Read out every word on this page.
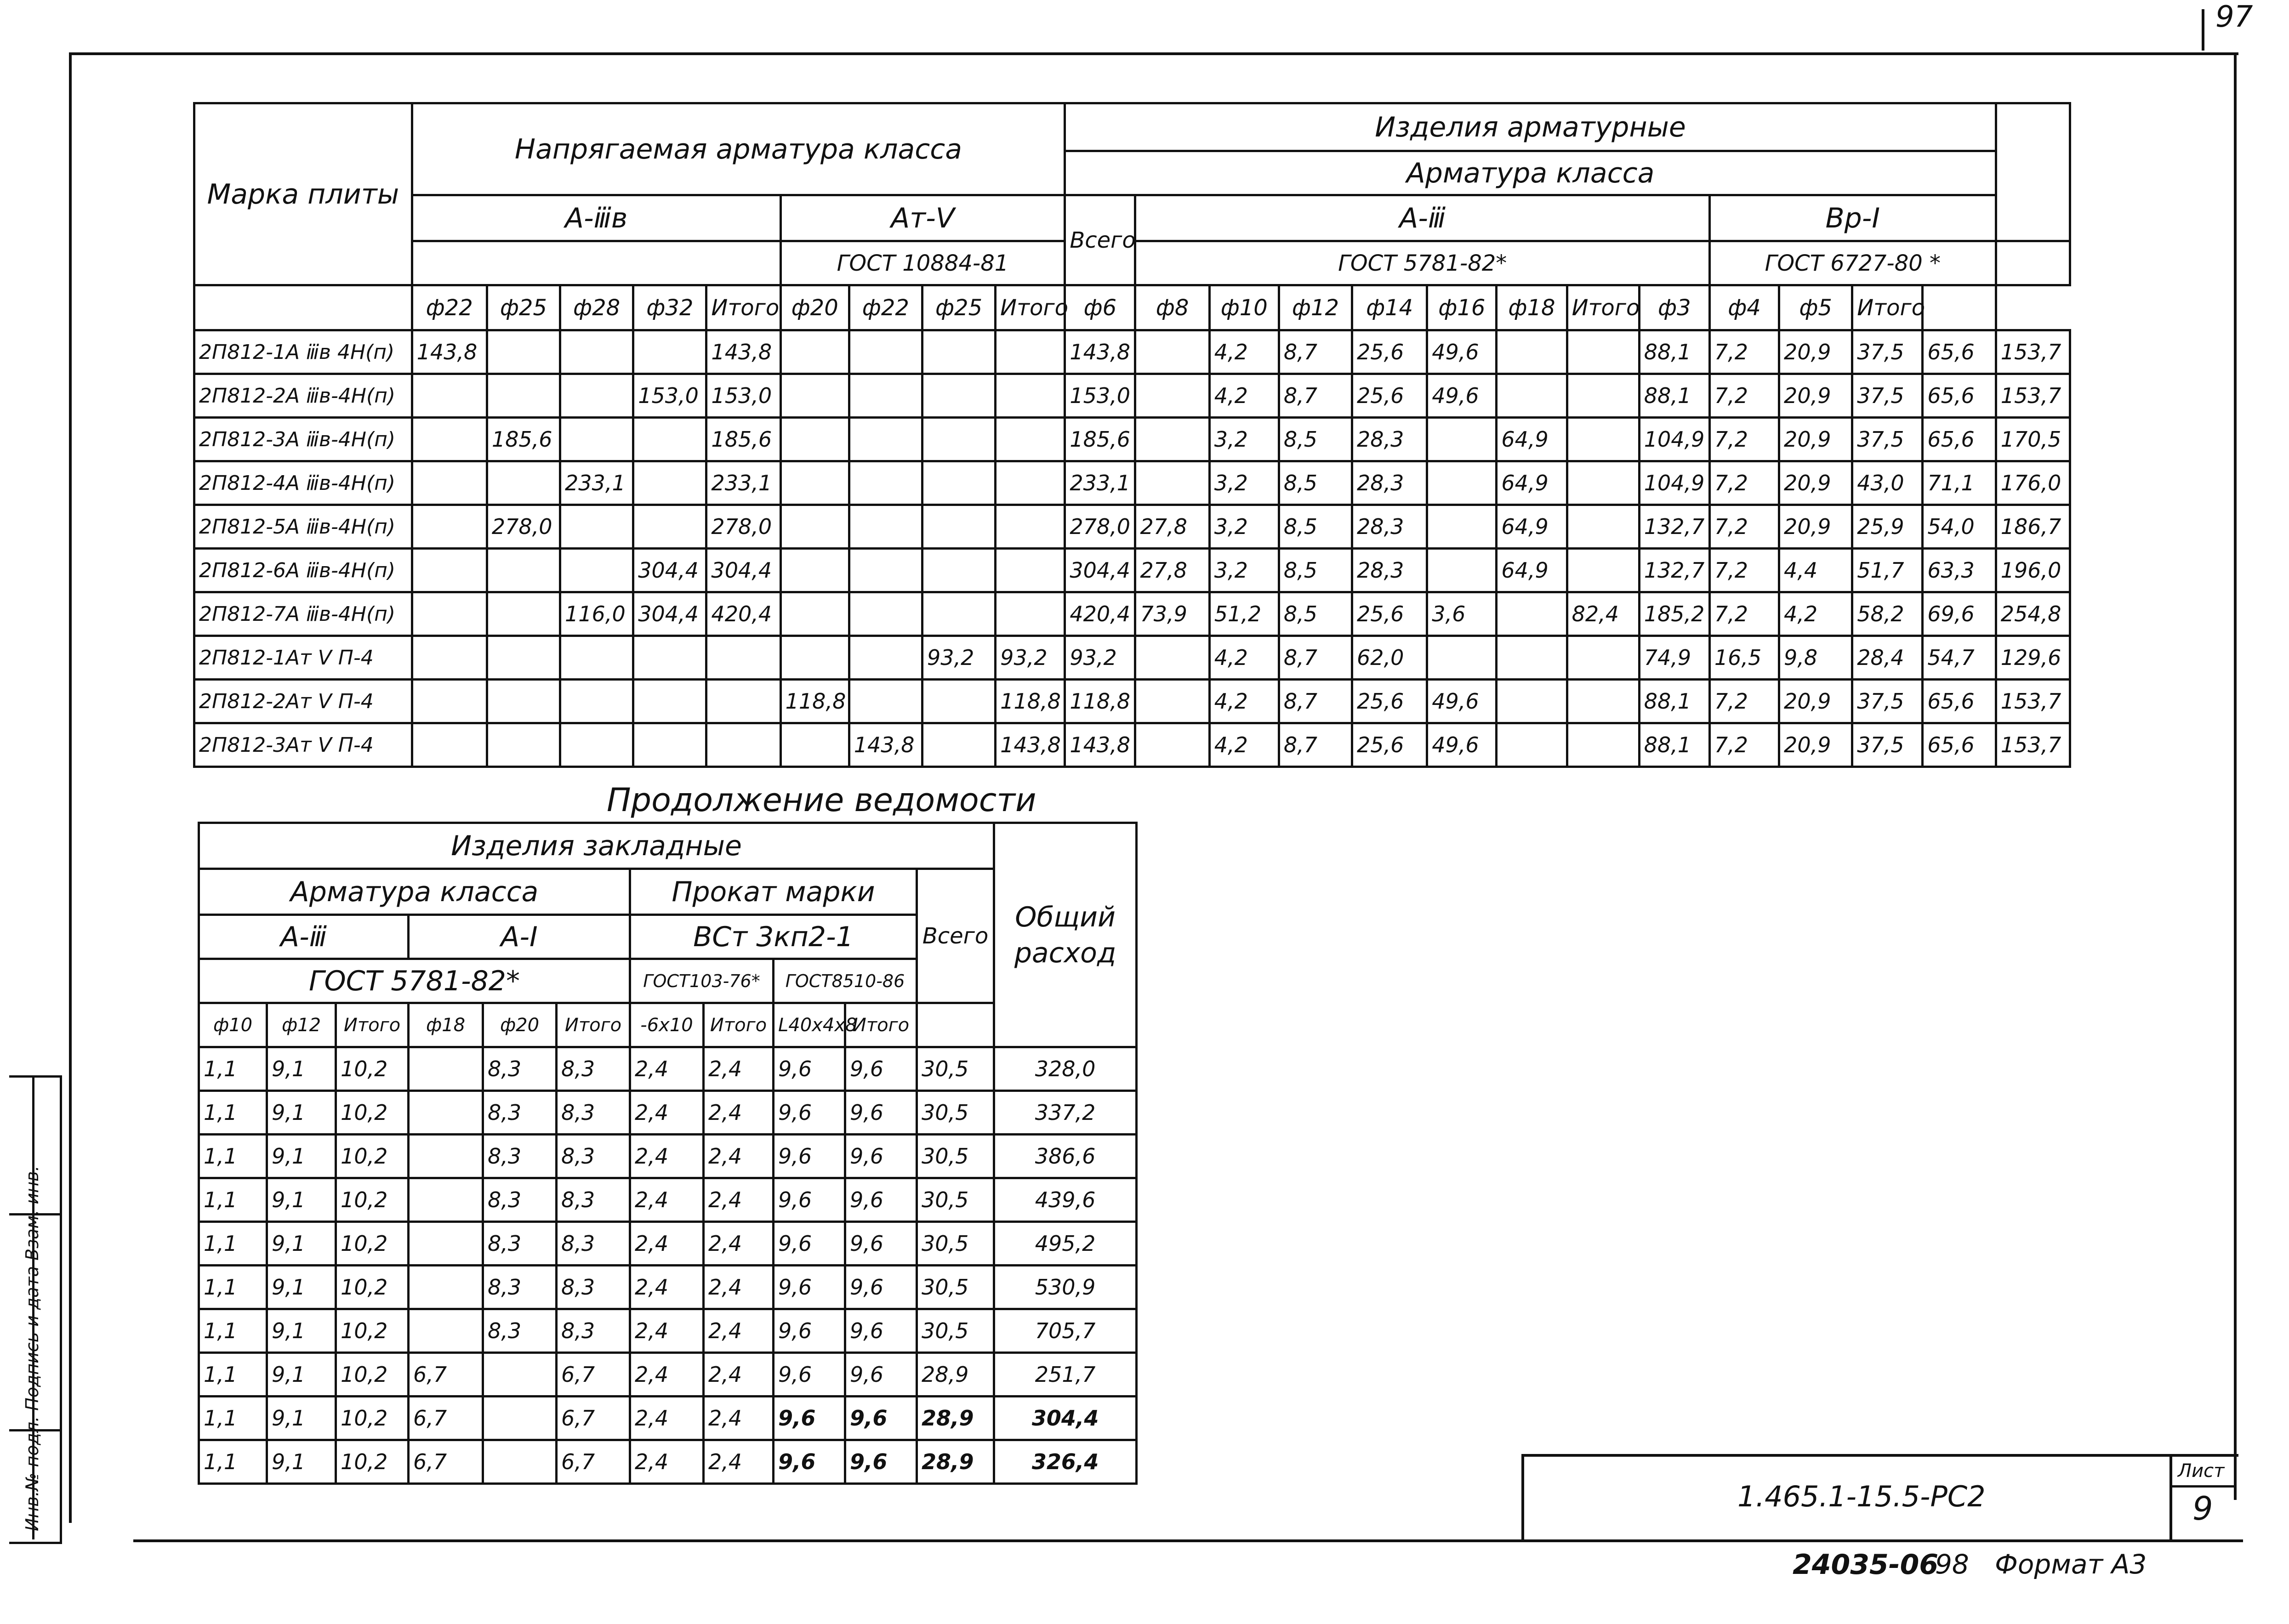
97
Марка плиты	Напрягаемая арматура класса									Изделия арматурные													
										Арматура класса													
	A-ⅲв					Aт-Ⅴ				Всего	A-ⅲ								Bp-Ⅰ				
						ГОСТ 10884-81					ГОСТ 5781-82*								ГОСТ 6727-80 *				
	ф22	ф25	ф28	ф32	Итого	ф20	ф22	ф25	Итого	ф6	ф8	ф10	ф12	ф14	ф16	ф18	Итого	ф3	ф4	ф5	Итого		
2П812-1A ⅲв 4Н(п)	143,8				143,8					143,8		4,2	8,7	25,6	49,6			88,1	7,2	20,9	37,5	65,6	153,7
2П812-2A ⅲв-4Н(п)				153,0	153,0					153,0		4,2	8,7	25,6	49,6			88,1	7,2	20,9	37,5	65,6	153,7
2П812-3A ⅲв-4Н(п)		185,6			185,6					185,6		3,2	8,5	28,3		64,9		104,9	7,2	20,9	37,5	65,6	170,5
2П812-4A ⅲв-4Н(п)			233,1		233,1					233,1		3,2	8,5	28,3		64,9		104,9	7,2	20,9	43,0	71,1	176,0
2П812-5A ⅲв-4Н(п)		278,0			278,0					278,0	27,8	3,2	8,5	28,3		64,9		132,7	7,2	20,9	25,9	54,0	186,7
2П812-6A ⅲв-4Н(п)				304,4	304,4					304,4	27,8	3,2	8,5	28,3		64,9		132,7	7,2	4,4	51,7	63,3	196,0
2П812-7A ⅲв-4Н(п)			116,0	304,4	420,4					420,4	73,9	51,2	8,5	25,6	3,6		82,4	185,2	7,2	4,2	58,2	69,6	254,8
2П812-1Aт Ⅴ П-4								93,2	93,2	93,2		4,2	8,7	62,0				74,9	16,5	9,8	28,4	54,7	129,6
2П812-2Aт Ⅴ П-4						118,8			118,8	118,8		4,2	8,7	25,6	49,6			88,1	7,2	20,9	37,5	65,6	153,7
2П812-3Aт Ⅴ П-4							143,8		143,8	143,8		4,2	8,7	25,6	49,6			88,1	7,2	20,9	37,5	65,6	153,7
Продолжение ведомости
Изделия закладные											Общий расход
Арматура класса						Прокат марки				Всего	
A-ⅲ			A-Ⅰ			ВСт 3кп2-1					
ГОСТ 5781-82*						ГОСТ103-76*		ГОСТ8510-86			
ф10	ф12	Итого	ф18	ф20	Итого	-6x10	Итого	L40x4x8	Итого		
1,1	9,1	10,2		8,3	8,3	2,4	2,4	9,6	9,6	30,5	328,0
1,1	9,1	10,2		8,3	8,3	2,4	2,4	9,6	9,6	30,5	337,2
1,1	9,1	10,2		8,3	8,3	2,4	2,4	9,6	9,6	30,5	386,6
1,1	9,1	10,2		8,3	8,3	2,4	2,4	9,6	9,6	30,5	439,6
1,1	9,1	10,2		8,3	8,3	2,4	2,4	9,6	9,6	30,5	495,2
1,1	9,1	10,2		8,3	8,3	2,4	2,4	9,6	9,6	30,5	530,9
1,1	9,1	10,2		8,3	8,3	2,4	2,4	9,6	9,6	30,5	705,7
1,1	9,1	10,2	6,7		6,7	2,4	2,4	9,6	9,6	28,9	251,7
1,1	9,1	10,2	6,7		6,7	2,4	2,4	9,6	9,6	28,9	304,4
1,1	9,1	10,2	6,7		6,7	2,4	2,4	9,6	9,6	28,9	326,4
1.465.1-15.5-PC2
Лист
9
24035-06
98 Формат А3
Инв.№ подл. Подпись и дата Взам. инв.
